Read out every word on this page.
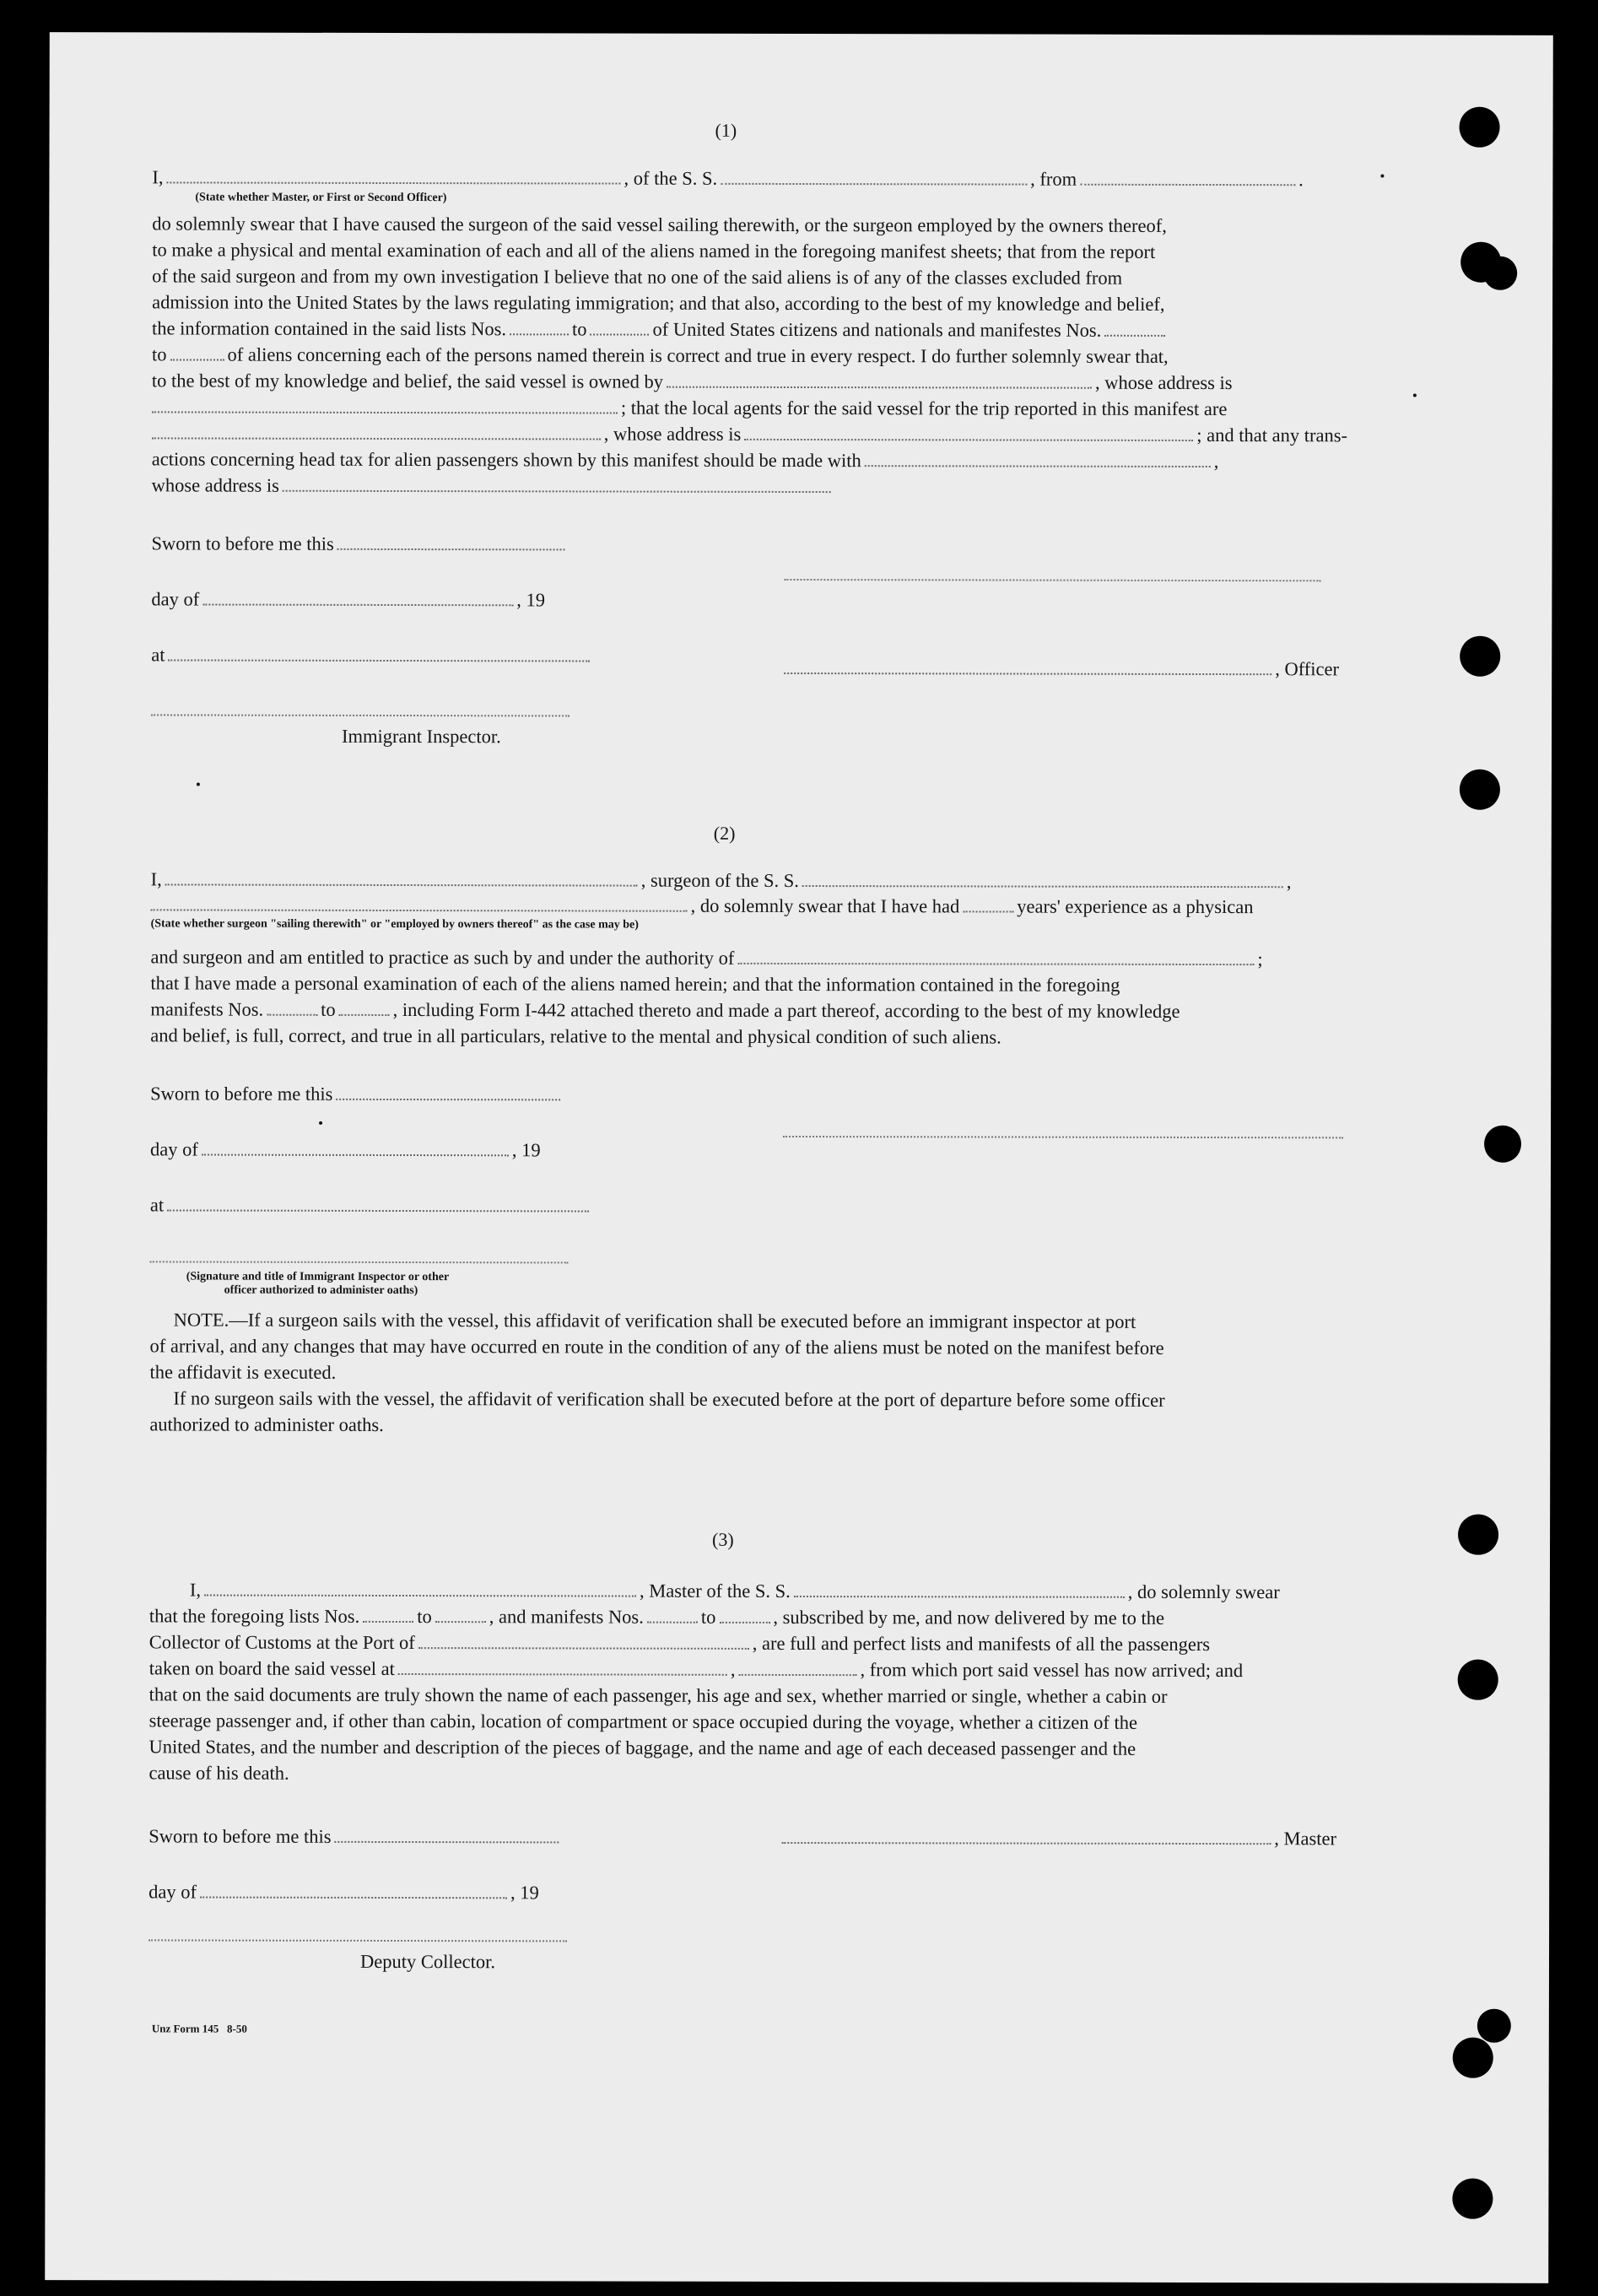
(1)
I,	, of the S. S.	, from	.
(State whether Master, or First or Second Officer)
do solemnly swear that I have caused the surgeon of the said vessel sailing therewith, or the surgeon employed by the owners thereof,
to make a physical and mental examination of each and all of the aliens named in the foregoing manifest sheets; that from the report
of the said surgeon and from my own investigation I believe that no one of the said aliens is of any of the classes excluded from
admission into the United States by the laws regulating immigration; and that also, according to the best of my knowledge and belief,
the information contained in the said lists Nos.	to	of United States citizens and nationals and manifestes Nos.
to	of aliens concerning each of the persons named therein is correct and true in every respect. I do further solemnly swear that,
to the best of my knowledge and belief, the said vessel is owned by	, whose address is
; that the local agents for the said vessel for the trip reported in this manifest are
, whose address is	; and that any trans-
actions concerning head tax for alien passengers shown by this manifest should be made with	,
whose address is
Sworn to before me this
day of	, 19
at
, Officer
Immigrant Inspector.
(2)
I,	, surgeon of the S. S.	,
, do solemnly swear that I have had	years' experience as a physican
(State whether surgeon "sailing therewith" or "employed by owners thereof" as the case may be)
and surgeon and am entitled to practice as such by and under the authority of	;
that I have made a personal examination of each of the aliens named herein; and that the information contained in the foregoing
manifests Nos.	to	, including Form I-442 attached thereto and made a part thereof, according to the best of my knowledge
and belief, is full, correct, and true in all particulars, relative to the mental and physical condition of such aliens.
Sworn to before me this
day of	, 19
at
(Signature and title of Immigrant Inspector or other
officer authorized to administer oaths)
NOTE.—If a surgeon sails with the vessel, this affidavit of verification shall be executed before an immigrant inspector at port
of arrival, and any changes that may have occurred en route in the condition of any of the aliens must be noted on the manifest before
the affidavit is executed.
If no surgeon sails with the vessel, the affidavit of verification shall be executed before at the port of departure before some officer
authorized to administer oaths.
(3)
I,	, Master of the S. S.	, do solemnly swear
that the foregoing lists Nos.	to	, and manifests Nos.	to	, subscribed by me, and now delivered by me to the
Collector of Customs at the Port of	, are full and perfect lists and manifests of all the passengers
taken on board the said vessel at	,	, from which port said vessel has now arrived; and
that on the said documents are truly shown the name of each passenger, his age and sex, whether married or single, whether a cabin or
steerage passenger and, if other than cabin, location of compartment or space occupied during the voyage, whether a citizen of the
United States, and the number and description of the pieces of baggage, and the name and age of each deceased passenger and the
cause of his death.
Sworn to before me this	, Master
day of	, 19
Deputy Collector.
Unz Form 145   8-50
